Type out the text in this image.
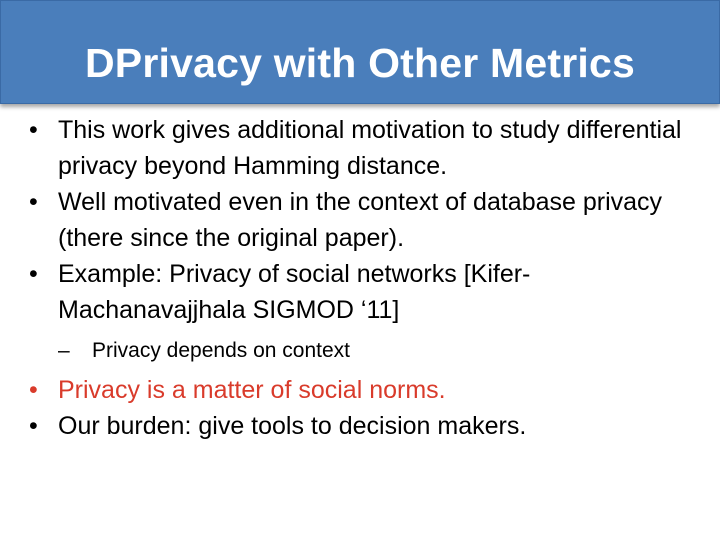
DPrivacy with Other Metrics
• This work gives additional motivation to study differential privacy beyond Hamming distance.
• Well motivated even in the context of database privacy (there since the original paper).
• Example: Privacy of social networks [Kifer-Machanavajjhala SIGMOD ‘11]
– Privacy depends on context
• Privacy is a matter of social norms.
• Our burden: give tools to decision makers.
